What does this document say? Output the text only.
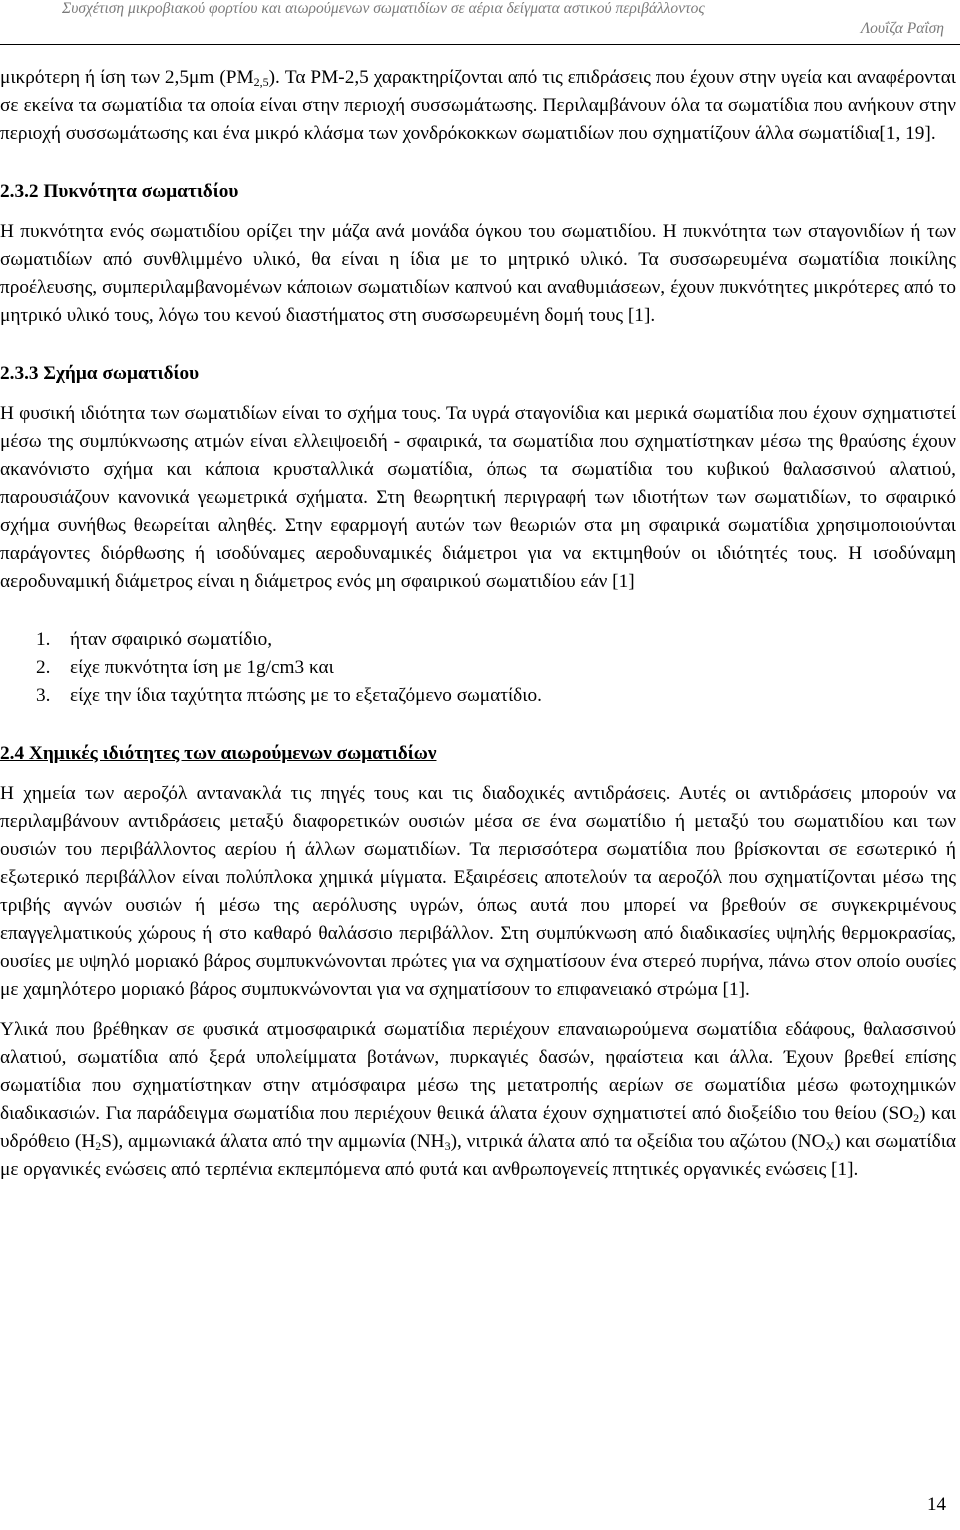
Συσχέτιση μικροβιακού φορτίου και αιωρούμενων σωματιδίων σε αέρια δείγματα αστικού περιβάλλοντος
Λουΐζα Ραΐση

μικρότερη ή ίση των 2,5μm $(PM_{2,5})$. Τα PM-2,5 χαρακτηρίζονται από τις επιδράσεις που έχουν στην υγεία και αναφέρονται σε εκείνα τα σωματίδια τα οποία είναι στην περιοχή συσσωμάτωσης. Περιλαμβάνουν όλα τα σωματίδια που ανήκουν στην περιοχή συσσωμάτωσης και ένα μικρό κλάσμα των χονδρόκοκκων σωματιδίων που σχηματίζουν άλλα σωματίδια[1, 19].

2.3.2 Πυκνότητα σωματιδίου

Η πυκνότητα ενός σωματιδίου ορίζει την μάζα ανά μονάδα όγκου του σωματιδίου. Η πυκνότητα των σταγονιδίων ή των σωματιδίων από συνθλιμμένο υλικό, θα είναι η ίδια με το μητρικό υλικό. Τα συσσωρευμένα σωματίδια ποικίλης προέλευσης, συμπεριλαμβανομένων κάποιων σωματιδίων καπνού και αναθυμιάσεων, έχουν πυκνότητες μικρότερες από το μητρικό υλικό τους, λόγω του κενού διαστήματος στη συσσωρευμένη δομή τους [1].

2.3.3 Σχήμα σωματιδίου

Η φυσική ιδιότητα των σωματιδίων είναι το σχήμα τους. Τα υγρά σταγονίδια και μερικά σωματίδια που έχουν σχηματιστεί μέσω της συμπύκνωσης ατμών είναι ελλειψοειδή - σφαιρικά, τα σωματίδια που σχηματίστηκαν μέσω της θραύσης έχουν ακανόνιστο σχήμα και κάποια κρυσταλλικά σωματίδια, όπως τα σωματίδια του κυβικού θαλασσινού αλατιού, παρουσιάζουν κανονικά γεωμετρικά σχήματα. Στη θεωρητική περιγραφή των ιδιοτήτων των σωματιδίων, το σφαιρικό σχήμα συνήθως θεωρείται αληθές. Στην εφαρμογή αυτών των θεωριών στα μη σφαιρικά σωματίδια χρησιμοποιούνται παράγοντες διόρθωσης ή ισοδύναμες αεροδυναμικές διάμετροι για να εκτιμηθούν οι ιδιότητές τους. Η ισοδύναμη αεροδυναμική διάμετρος είναι η διάμετρος ενός μη σφαιρικού σωματιδίου εάν [1]

1.	ήταν σφαιρικό σωματίδιο,
2.	είχε πυκνότητα ίση με 1g/cm3 και
3.	είχε την ίδια ταχύτητα πτώσης με το εξεταζόμενο σωματίδιο.
2.4 Χημικές ιδιότητες των αιωρούμενων σωματιδίων

Η χημεία των αεροζόλ αντανακλά τις πηγές τους και τις διαδοχικές αντιδράσεις. Αυτές οι αντιδράσεις μπορούν να περιλαμβάνουν αντιδράσεις μεταξύ διαφορετικών ουσιών μέσα σε ένα σωματίδιο ή μεταξύ του σωματιδίου και των ουσιών του περιβάλλοντος αερίου ή άλλων σωματιδίων. Τα περισσότερα σωματίδια που βρίσκονται σε εσωτερικό ή εξωτερικό περιβάλλον είναι πολύπλοκα χημικά μίγματα. Εξαιρέσεις αποτελούν τα αεροζόλ που σχηματίζονται μέσω της τριβής αγνών ουσιών ή μέσω της αερόλυσης υγρών, όπως αυτά που μπορεί να βρεθούν σε συγκεκριμένους επαγγελματικούς χώρους ή στο καθαρό θαλάσσιο περιβάλλον. Στη συμπύκνωση από διαδικασίες υψηλής θερμοκρασίας, ουσίες με υψηλό μοριακό βάρος συμπυκνώνονται πρώτες για να σχηματίσουν ένα στερεό πυρήνα, πάνω στον οποίο ουσίες με χαμηλότερο μοριακό βάρος συμπυκνώνονται για να σχηματίσουν το επιφανειακό στρώμα [1].

Υλικά που βρέθηκαν σε φυσικά ατμοσφαιρικά σωματίδια περιέχουν επαναιωρούμενα σωματίδια εδάφους, θαλασσινού αλατιού, σωματίδια από ξερά υπολείμματα βοτάνων, πυρκαγιές δασών, ηφαίστεια και άλλα. Έχουν βρεθεί επίσης σωματίδια που σχηματίστηκαν στην ατμόσφαιρα μέσω της μετατροπής αερίων σε σωματίδια μέσω φωτοχημικών διαδικασιών. Για παράδειγμα σωματίδια που περιέχουν θειικά άλατα έχουν σχηματιστεί από διοξείδιο του θείου $(SO_2)$ και υδρόθειο $(H_2S)$, αμμωνιακά άλατα από την αμμωνία $(NH_3)$, νιτρικά άλατα από τα οξείδια του αζώτου $(NO_X)$ και σωματίδια με οργανικές ενώσεις από τερπένια εκπεμπόμενα από φυτά και ανθρωπογενείς πτητικές οργανικές ενώσεις [1].

14
